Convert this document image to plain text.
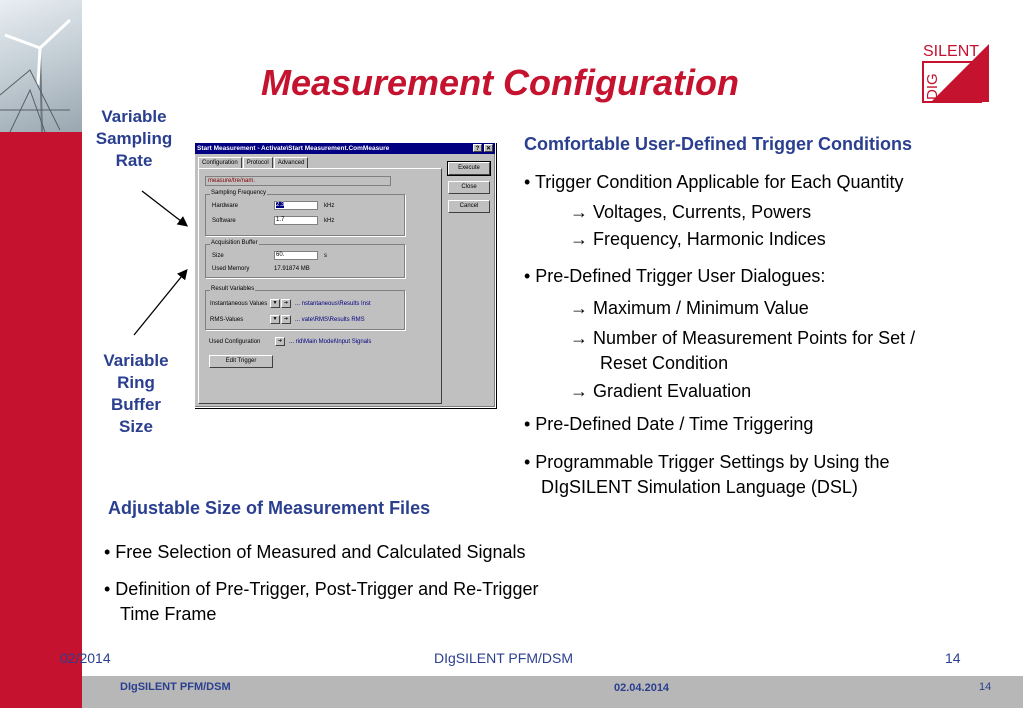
SILENT
DIG
Measurement Configuration
Variable
Sampling
Rate
Variable
Ring
Buffer
Size
Start Measurement - Activate\Start Measurement.ComMeasure	?	✕
Configuration	Protocol	Advanced
measure/tre/nam.
Sampling Frequency
Hardware	2.3	kHz
Software	1.7	kHz
Acquisition Buffer
Size	60.	s
Used Memory	17.91874 MB
Result Variables
Instantaneous Values	▼	➔	... nstantaneous\Results Inst
RMS-Values	▼	➔	... vate\RMS\Results RMS
Used Configuration	➔	... rid\Main Model\Input Signals
Edit Trigger
Execute
Close
Cancel
Comfortable User-Defined Trigger Conditions
• Trigger Condition Applicable for Each Quantity
→ Voltages, Currents, Powers
→ Frequency, Harmonic Indices
• Pre-Defined Trigger User Dialogues:
→ Maximum / Minimum Value
→ Number of Measurement Points for Set /
Reset Condition
→ Gradient Evaluation
• Pre-Defined Date / Time Triggering
• Programmable Trigger Settings by Using the
DIgSILENT Simulation Language (DSL)
Adjustable Size of Measurement Files
• Free Selection of Measured and Calculated Signals
• Definition of Pre-Trigger, Post-Trigger and Re-Trigger
Time Frame
02/2014	DIgSILENT PFM/DSM	14
DIgSILENT PFM/DSM	02.04.2014	14
